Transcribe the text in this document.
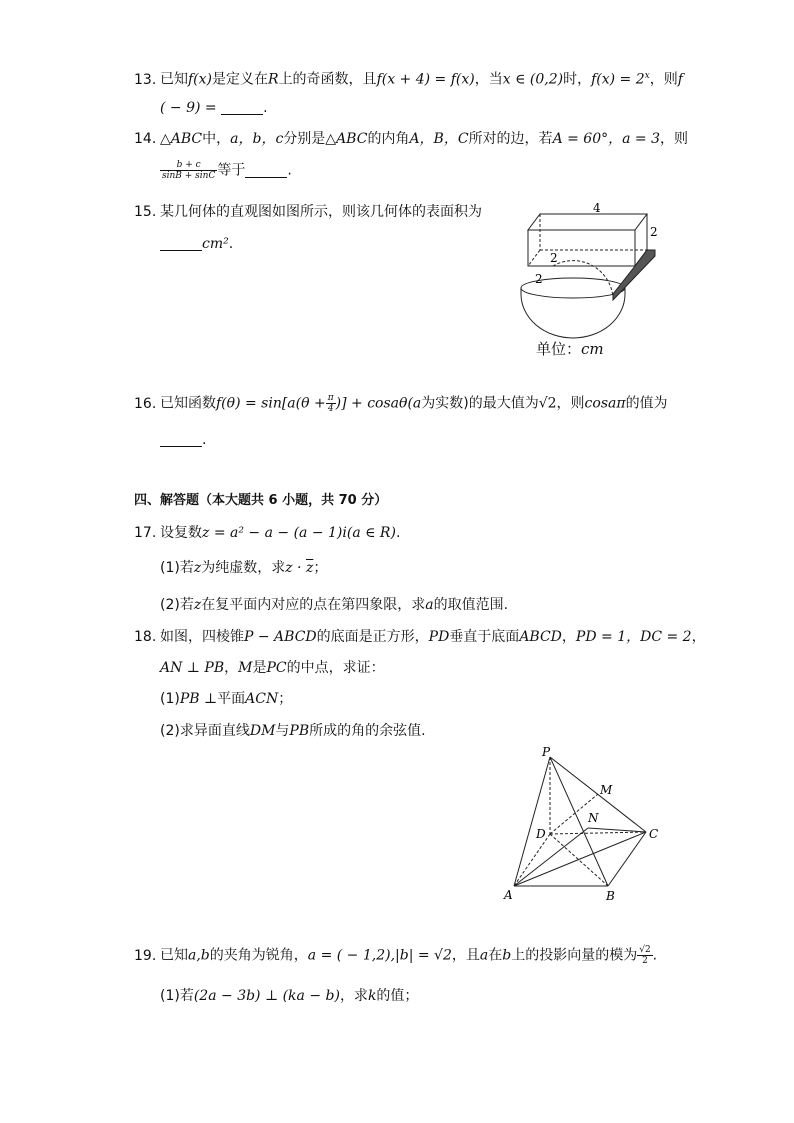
13. 已知f(x)是定义在R上的奇函数，且f(x + 4) = f(x)，当x ∈ (0,2)时，$f(x) = 2^x$，则f
( − 9) =	.
14. △ABC中，a，b，c分别是△ABC的内角A，B，C所对的边，若A = 60°，a = 3，则
$\frac{b + c}{\sin B + \sin C}$ 等于	.
15. 某几何体的直观图如图所示，则该几何体的表面积为
cm².
4
2
2
2
单位：cm
16. 已知函数$f(\theta) = \sin[a(\theta + \frac{\pi}{4}$ )] + cosaθ(a为实数)的最大值为√2，则cosaπ的值为
.
四、解答题（本大题共 6 小题，共 70 分）
17. 设复数z = a² − a − (a − 1)i(a ∈ R).
(1)若z为纯虚数，求$z \cdot \overline{z}$；
(2)若z在复平面内对应的点在第四象限，求a的取值范围.
18. 如图，四棱锥P − ABCD的底面是正方形，PD垂直于底面ABCD，PD = 1，DC = 2，
AN ⊥ PB，M是PC的中点，求证：
(1)PB ⊥平面ACN；
(2)求异面直线DM与PB所成的角的余弦值.
P
M
N
D	C
A	B
19. 已知a,b的夹角为锐角，a = ( − 1,2),|b| = √2，且a在b上的投影向量的模为 $\frac{√2}{2}$ .
(1)若(2a − 3b) ⊥ (ka − b)，求k的值；
